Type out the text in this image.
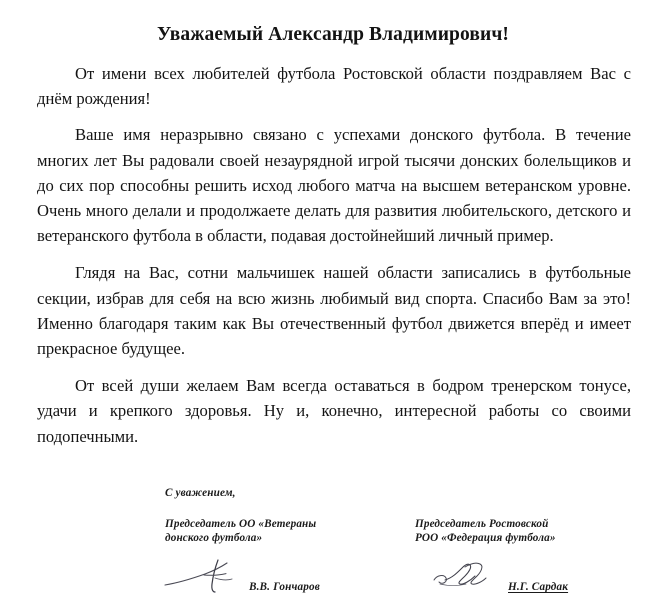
Уважаемый Александр Владимирович!

От имени всех любителей футбола Ростовской области поздравляем Вас с днём рождения!

Ваше имя неразрывно связано с успехами донского футбола. В течение многих лет Вы радовали своей незаурядной игрой тысячи донских болельщиков и до сих пор способны решить исход любого матча на высшем ветеранском уровне. Очень много делали и продолжаете делать для развития любительского, детского и ветеранского футбола в области, подавая достойнейший личный пример.

Глядя на Вас, сотни мальчишек нашей области записались в футбольные секции, избрав для себя на всю жизнь любимый вид спорта. Спасибо Вам за это! Именно благодаря таким как Вы отечественный футбол движется вперёд и имеет прекрасное будущее.

От всей души желаем Вам всегда оставаться в бодром тренерском тонусе, удачи и крепкого здоровья. Ну и, конечно, интересной работы со своими подопечными.

С уважением,
Председатель ОО «Ветераны
донского футбола»
Председатель Ростовской
РОО «Федерация футбола»
В.В. Гончаров	Н.Г. Сардак
